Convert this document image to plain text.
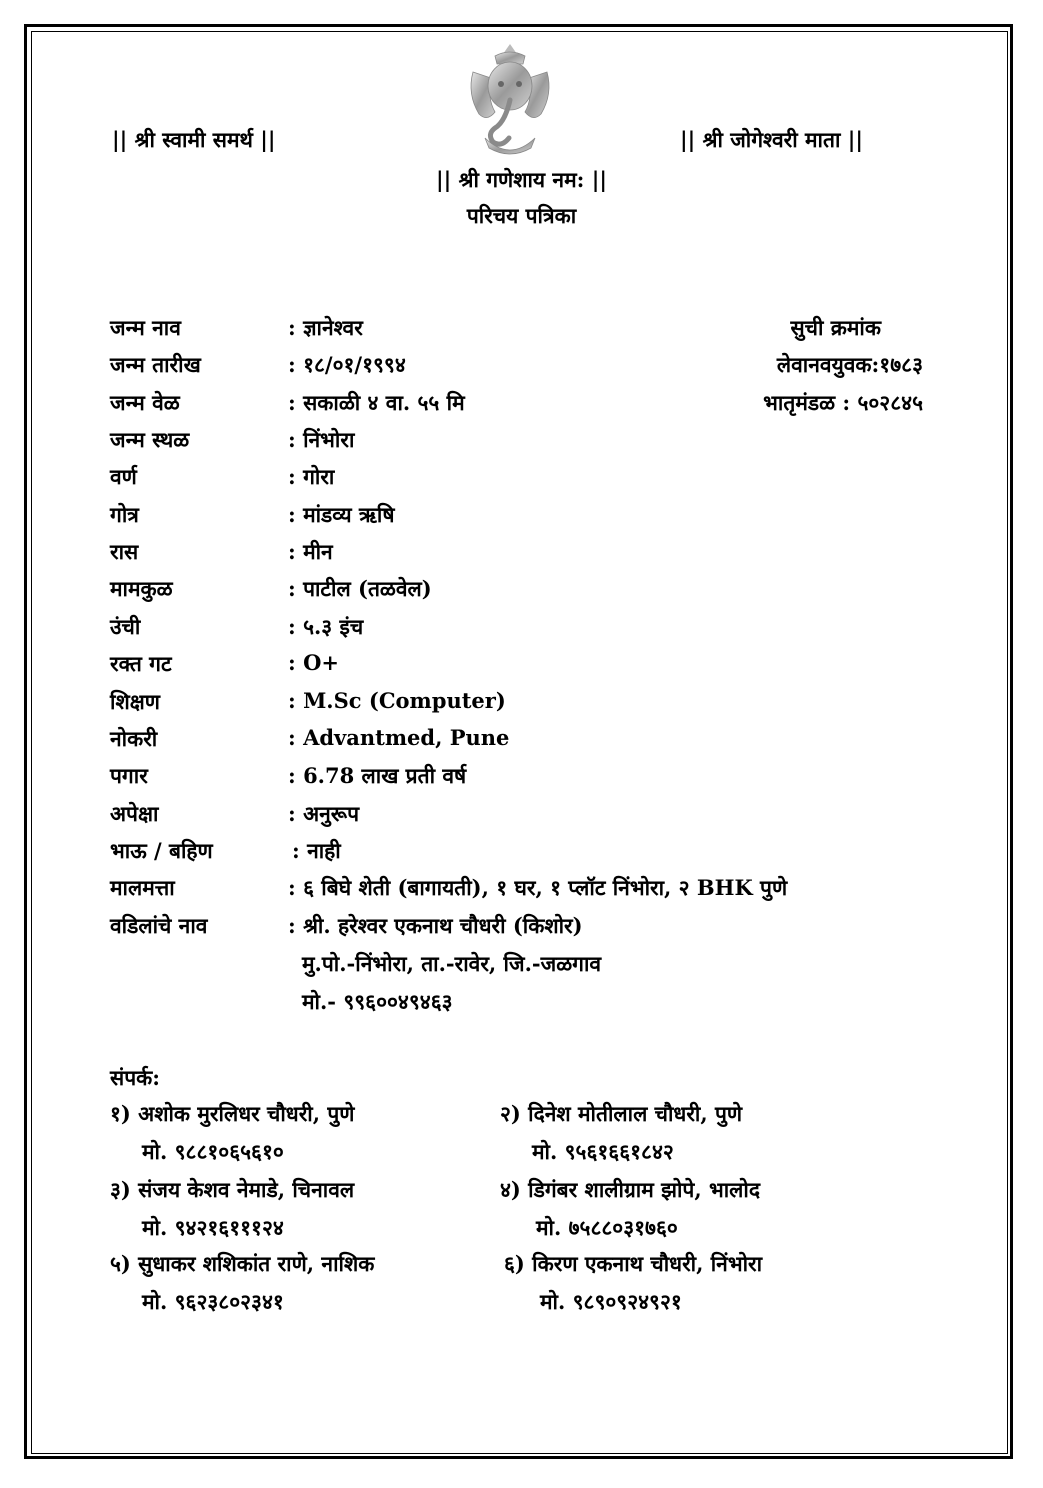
|| श्री स्वामी समर्थ ||	|| श्री जोगेश्वरी माता ||
|| श्री गणेशाय नम: ||
परिचय पत्रिका
सुची क्रमांक
लेवानवयुवक:१७८३
भातृमंडळ : ५०२८४५
जन्म नाव	: ज्ञानेश्वर
जन्म तारीख	: १८/०१/१९९४
जन्म वेळ	: सकाळी ४ वा. ५५ मि
जन्म स्थळ	: निंभोरा
वर्ण	: गोरा
गोत्र	: मांडव्य ऋषि
रास	: मीन
मामकुळ	: पाटील (तळवेल)
उंची	: ५.३ इंच
रक्त गट	: O+
शिक्षण	: M.Sc (Computer)
नोकरी	: Advantmed, Pune
पगार	: 6.78 लाख प्रती वर्ष
अपेक्षा	: अनुरूप
भाऊ / बहिण	: नाही
मालमत्ता	: ६ बिघे शेती (बागायती), १ घर, १ प्लॉट निंभोरा, २ BHK पुणे
वडिलांचे नाव	: श्री. हरेश्वर एकनाथ चौधरी (किशोर)
मु.पो.-निंभोरा, ता.-रावेर, जि.-जळगाव
मो.- ९९६००४९४६३
संपर्क:
१) अशोक मुरलिधर चौधरी, पुणे
मो. ९८८१०६५६१०
२) दिनेश मोतीलाल चौधरी, पुणे
मो. ९५६१६६१८४२
३) संजय केशव नेमाडे, चिनावल
मो. ९४२१६१११२४
४) डिगंबर शालीग्राम झोपे, भालोद
मो. ७५८८०३१७६०
५) सुधाकर शशिकांत राणे, नाशिक
मो. ९६२३८०२३४१
६) किरण एकनाथ चौधरी, निंभोरा
मो. ९८९०९२४९२१
